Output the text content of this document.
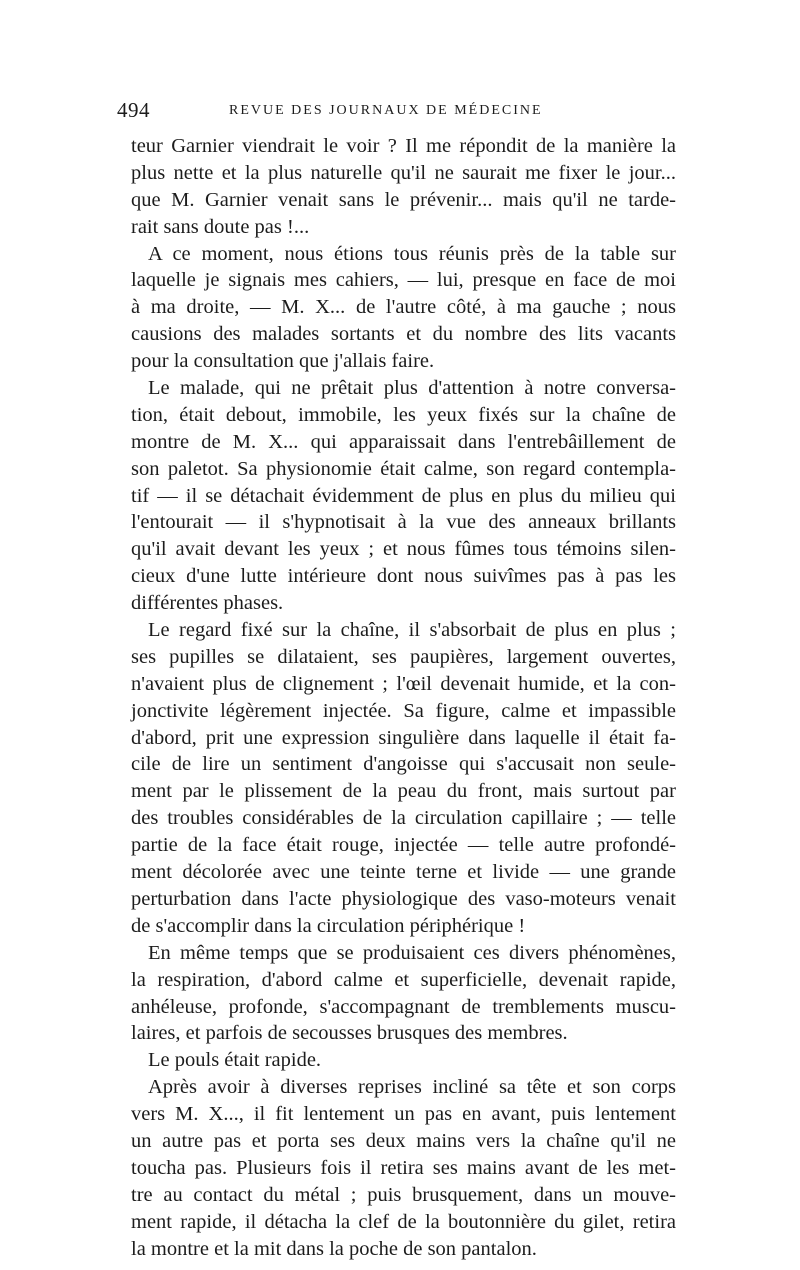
494	REVUE DES JOURNAUX DE MÉDECINE
teur Garnier viendrait le voir ? Il me répondit de la manière la
plus nette et la plus naturelle qu'il ne saurait me fixer le jour...
que M. Garnier venait sans le prévenir... mais qu'il ne tarde-
rait sans doute pas !...
A ce moment, nous étions tous réunis près de la table sur
laquelle je signais mes cahiers, — lui, presque en face de moi
à ma droite, — M. X... de l'autre côté, à ma gauche ; nous
causions des malades sortants et du nombre des lits vacants
pour la consultation que j'allais faire.
Le malade, qui ne prêtait plus d'attention à notre conversa-
tion, était debout, immobile, les yeux fixés sur la chaîne de
montre de M. X... qui apparaissait dans l'entrebâillement de
son paletot. Sa physionomie était calme, son regard contempla-
tif — il se détachait évidemment de plus en plus du milieu qui
l'entourait — il s'hypnotisait à la vue des anneaux brillants
qu'il avait devant les yeux ; et nous fûmes tous témoins silen-
cieux d'une lutte intérieure dont nous suivîmes pas à pas les
différentes phases.
Le regard fixé sur la chaîne, il s'absorbait de plus en plus ;
ses pupilles se dilataient, ses paupières, largement ouvertes,
n'avaient plus de clignement ; l'œil devenait humide, et la con-
jonctivite légèrement injectée. Sa figure, calme et impassible
d'abord, prit une expression singulière dans laquelle il était fa-
cile de lire un sentiment d'angoisse qui s'accusait non seule-
ment par le plissement de la peau du front, mais surtout par
des troubles considérables de la circulation capillaire ; — telle
partie de la face était rouge, injectée — telle autre profondé-
ment décolorée avec une teinte terne et livide — une grande
perturbation dans l'acte physiologique des vaso-moteurs venait
de s'accomplir dans la circulation périphérique !
En même temps que se produisaient ces divers phénomènes,
la respiration, d'abord calme et superficielle, devenait rapide,
anhéleuse, profonde, s'accompagnant de tremblements muscu-
laires, et parfois de secousses brusques des membres.
Le pouls était rapide.
Après avoir à diverses reprises incliné sa tête et son corps
vers M. X..., il fit lentement un pas en avant, puis lentement
un autre pas et porta ses deux mains vers la chaîne qu'il ne
toucha pas. Plusieurs fois il retira ses mains avant de les met-
tre au contact du métal ; puis brusquement, dans un mouve-
ment rapide, il détacha la clef de la boutonnière du gilet, retira
la montre et la mit dans la poche de son pantalon.
